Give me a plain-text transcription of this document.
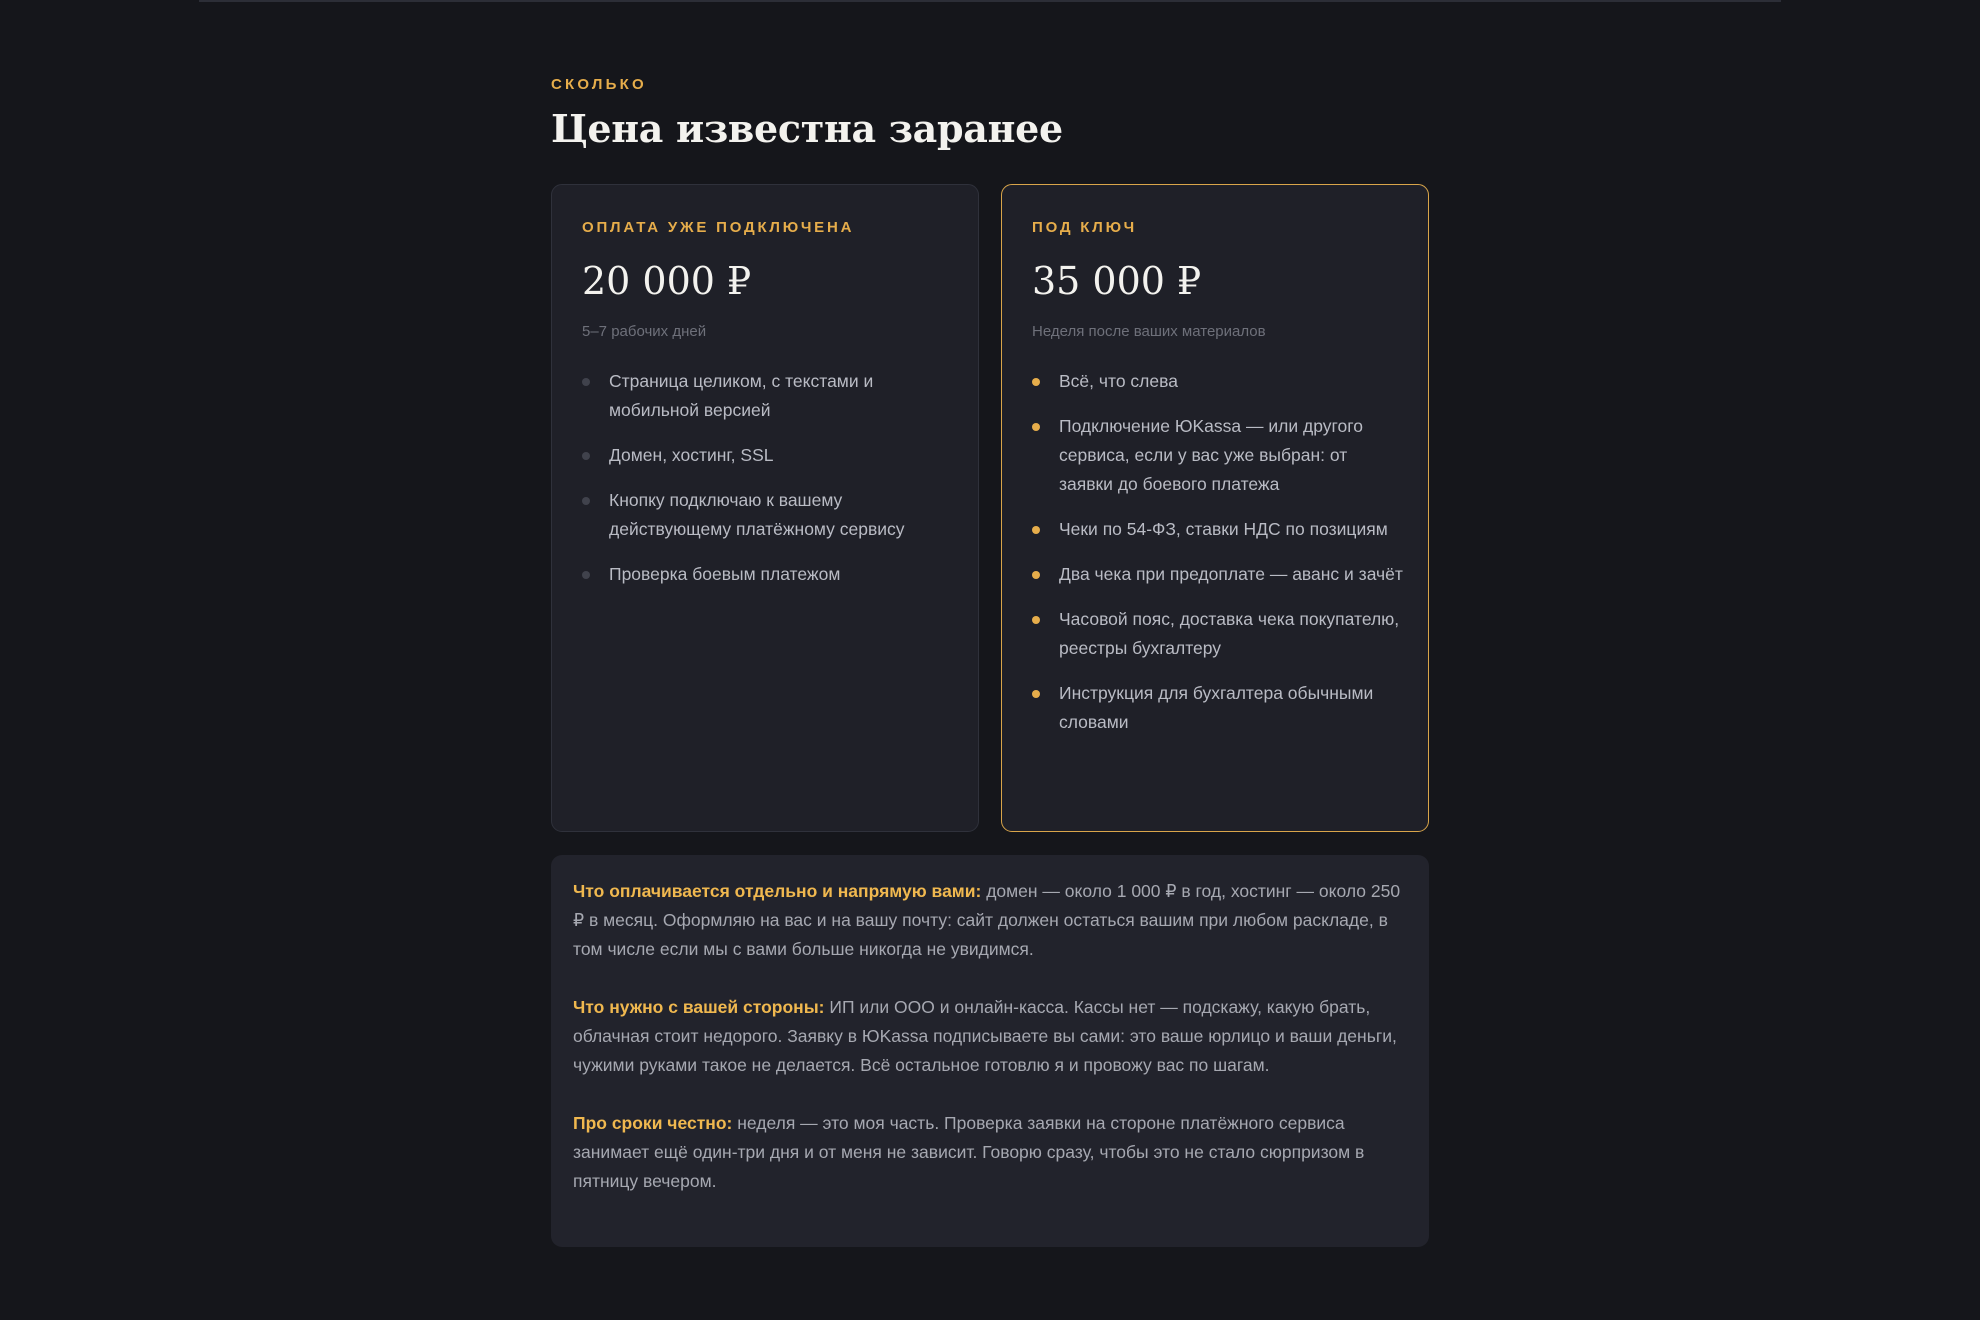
СКОЛЬКО
Цена известна заранее
ОПЛАТА УЖЕ ПОДКЛЮЧЕНА
20 000 ₽
5–7 рабочих дней
Страница целиком, с текстами и мобильной версией
Домен, хостинг, SSL
Кнопку подключаю к вашему действующему платёжному сервису
Проверка боевым платежом
ПОД КЛЮЧ
35 000 ₽
Неделя после ваших материалов
Всё, что слева
Подключение ЮKassa — или другого сервиса, если у вас уже выбран: от заявки до боевого платежа
Чеки по 54-ФЗ, ставки НДС по позициям
Два чека при предоплате — аванс и зачёт
Часовой пояс, доставка чека покупателю, реестры бухгалтеру
Инструкция для бухгалтера обычными словами

Что оплачивается отдельно и напрямую вами: домен — около 1 000 ₽ в год, хостинг — около 250 ₽ в месяц. Оформляю на вас и на вашу почту: сайт должен остаться вашим при любом раскладе, в том числе если мы с вами больше никогда не увидимся.

Что нужно с вашей стороны: ИП или ООО и онлайн-касса. Кассы нет — подскажу, какую брать, облачная стоит недорого. Заявку в ЮKassa подписываете вы сами: это ваше юрлицо и ваши деньги, чужими руками такое не делается. Всё остальное готовлю я и провожу вас по шагам.

Про сроки честно: неделя — это моя часть. Проверка заявки на стороне платёжного сервиса занимает ещё один-три дня и от меня не зависит. Говорю сразу, чтобы это не стало сюрпризом в пятницу вечером.
